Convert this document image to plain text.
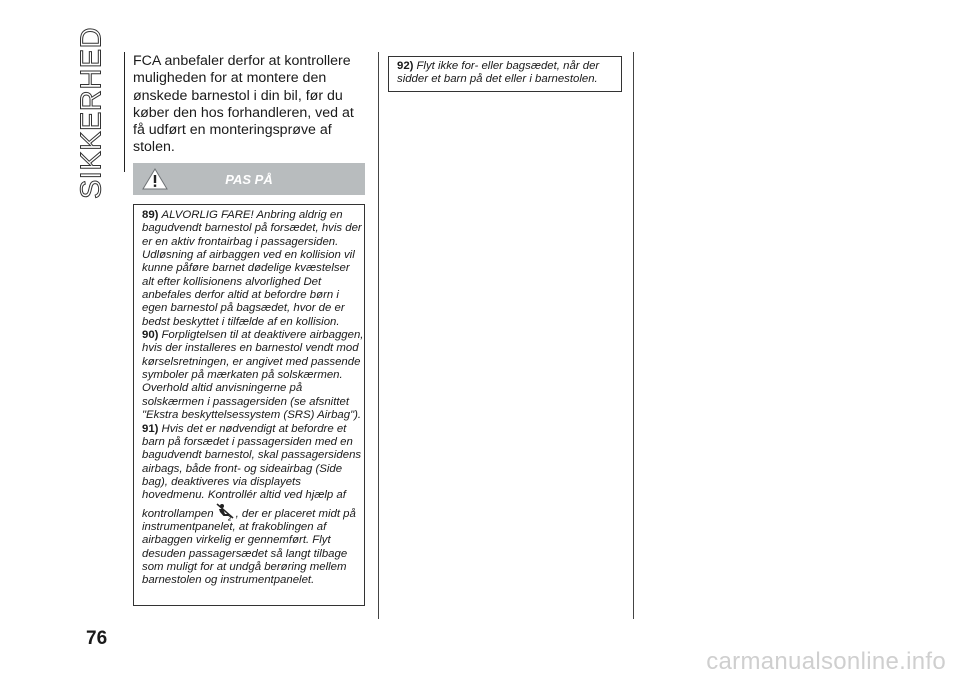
SIKKERHED FCA anbefaler derfor at kontrollere muligheden for at montere den ønskede barnestol i din bil, før du køber den hos forhandleren, ved at få udført en monteringsprøve af stolen.
PAS PÅ

89) ALVORLIG FARE! Anbring aldrig en bagudvendt barnestol på forsædet, hvis der er en aktiv frontairbag i passagersiden. Udløsning af airbaggen ved en kollision vil kunne påføre barnet dødelige kvæstelser alt efter kollisionens alvorlighed Det anbefales derfor altid at befordre børn i egen barnestol på bagsædet, hvor de er bedst beskyttet i tilfælde af en kollision.

90) Forpligtelsen til at deaktivere airbaggen, hvis der installeres en barnestol vendt mod kørselsretningen, er angivet med passende symboler på mærkaten på solskærmen. Overhold altid anvisningerne på solskærmen i passagersiden (se afsnittet "Ekstra beskyttelsessystem (SRS) Airbag").

91) Hvis det er nødvendigt at befordre et barn på forsædet i passagersiden med en bagudvendt barnestol, skal passagersidens airbags, både front- og sideairbag (Side bag), deaktiveres via displayets hovedmenu. Kontrollér altid ved hjælp af kontrollampen 2 , der er placeret midt på instrumentpanelet, at frakoblingen af airbaggen virkelig er gennemført. Flyt desuden passagersædet så langt tilbage som muligt for at undgå berøring mellem barnestolen og instrumentpanelet.

92) Flyt ikke for- eller bagsædet, når der sidder et barn på det eller i barnestolen.

76
carmanualsonline.info
